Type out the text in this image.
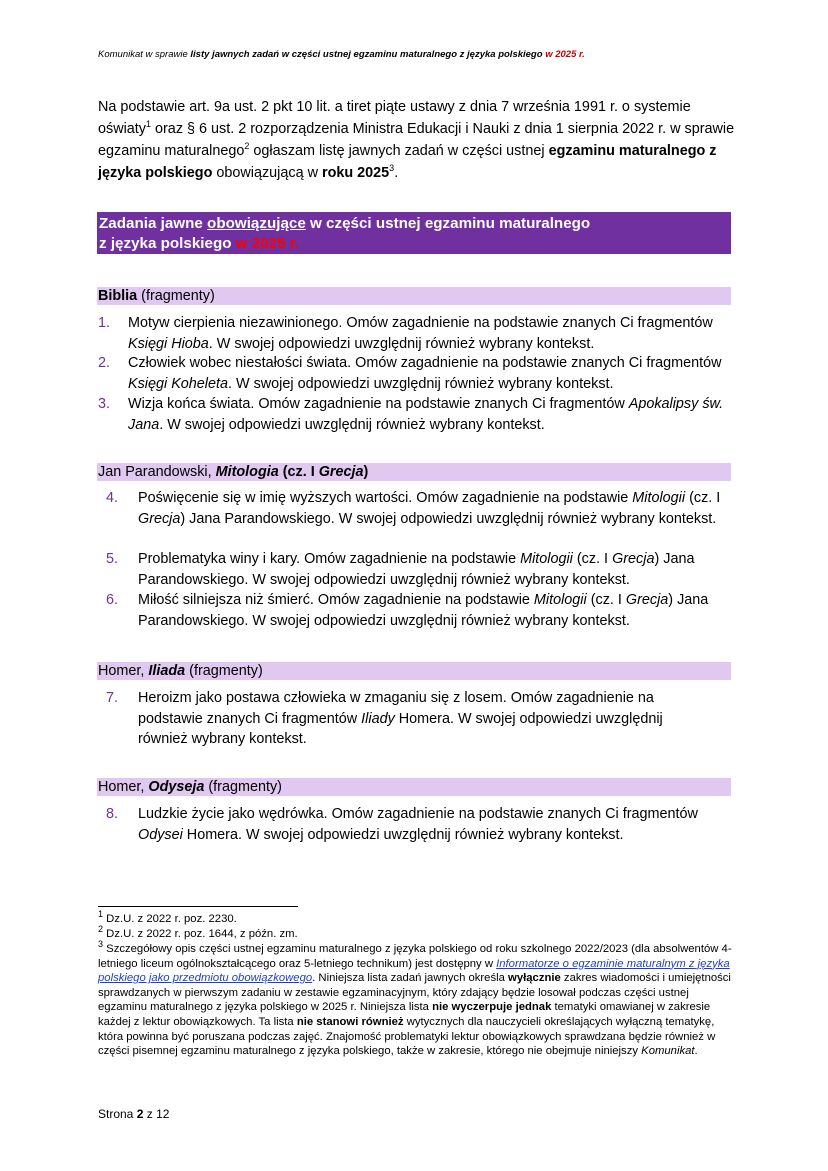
Komunikat w sprawie listy jawnych zadań w części ustnej egzaminu maturalnego z języka polskiego w 2025 r.
Na podstawie art. 9a ust. 2 pkt 10 lit. a tiret piąte ustawy z dnia 7 września 1991 r. o systemie oświaty$^1$ oraz § 6 ust. 2 rozporządzenia Ministra Edukacji i Nauki z dnia 1 sierpnia 2022 r. w sprawie egzaminu maturalnego$^2$ ogłaszam listę jawnych zadań w części ustnej egzaminu maturalnego z języka polskiego obowiązującą w roku 2025$^3$.
Zadania jawne obowiązujące w części ustnej egzaminu maturalnego
z języka polskiego w 2025 r.
Biblia (fragmenty)
1. Motyw cierpienia niezawinionego. Omów zagadnienie na podstawie znanych Ci fragmentów Księgi Hioba. W swojej odpowiedzi uwzględnij również wybrany kontekst.
2. Człowiek wobec niestałości świata. Omów zagadnienie na podstawie znanych Ci fragmentów Księgi Koheleta. W swojej odpowiedzi uwzględnij również wybrany kontekst.
3. Wizja końca świata. Omów zagadnienie na podstawie znanych Ci fragmentów Apokalipsy św. Jana. W swojej odpowiedzi uwzględnij również wybrany kontekst.
Jan Parandowski, Mitologia (cz. I Grecja)
4. Poświęcenie się w imię wyższych wartości. Omów zagadnienie na podstawie Mitologii (cz. I Grecja) Jana Parandowskiego. W swojej odpowiedzi uwzględnij również wybrany kontekst.
5. Problematyka winy i kary. Omów zagadnienie na podstawie Mitologii (cz. I Grecja) Jana Parandowskiego. W swojej odpowiedzi uwzględnij również wybrany kontekst.
6. Miłość silniejsza niż śmierć. Omów zagadnienie na podstawie Mitologii (cz. I Grecja) Jana Parandowskiego. W swojej odpowiedzi uwzględnij również wybrany kontekst.
Homer, Iliada (fragmenty)
7. Heroizm jako postawa człowieka w zmaganiu się z losem. Omów zagadnienie na podstawie znanych Ci fragmentów Iliady Homera. W swojej odpowiedzi uwzględnij również wybrany kontekst.
Homer, Odyseja (fragmenty)
8. Ludzkie życie jako wędrówka. Omów zagadnienie na podstawie znanych Ci fragmentów Odysei Homera. W swojej odpowiedzi uwzględnij również wybrany kontekst.
$^1$ Dz.U. z 2022 r. poz. 2230.
$^2$ Dz.U. z 2022 r. poz. 1644, z późn. zm.
$^3$ Szczegółowy opis części ustnej egzaminu maturalnego z języka polskiego od roku szkolnego 2022/2023 (dla absolwentów 4-letniego liceum ogólnokształcącego oraz 5-letniego technikum) jest dostępny w Informatorze o egzaminie maturalnym z języka polskiego jako przedmiotu obowiązkowego. Niniejsza lista zadań jawnych określa wyłącznie zakres wiadomości i umiejętności sprawdzanych w pierwszym zadaniu w zestawie egzaminacyjnym, który zdający będzie losował podczas części ustnej egzaminu maturalnego z języka polskiego w 2025 r. Niniejsza lista nie wyczerpuje jednak tematyki omawianej w zakresie każdej z lektur obowiązkowych. Ta lista nie stanowi również wytycznych dla nauczycieli określających wyłączną tematykę, która powinna być poruszana podczas zajęć. Znajomość problematyki lektur obowiązkowych sprawdzana będzie również w części pisemnej egzaminu maturalnego z języka polskiego, także w zakresie, którego nie obejmuje niniejszy Komunikat.
Strona 2 z 12
